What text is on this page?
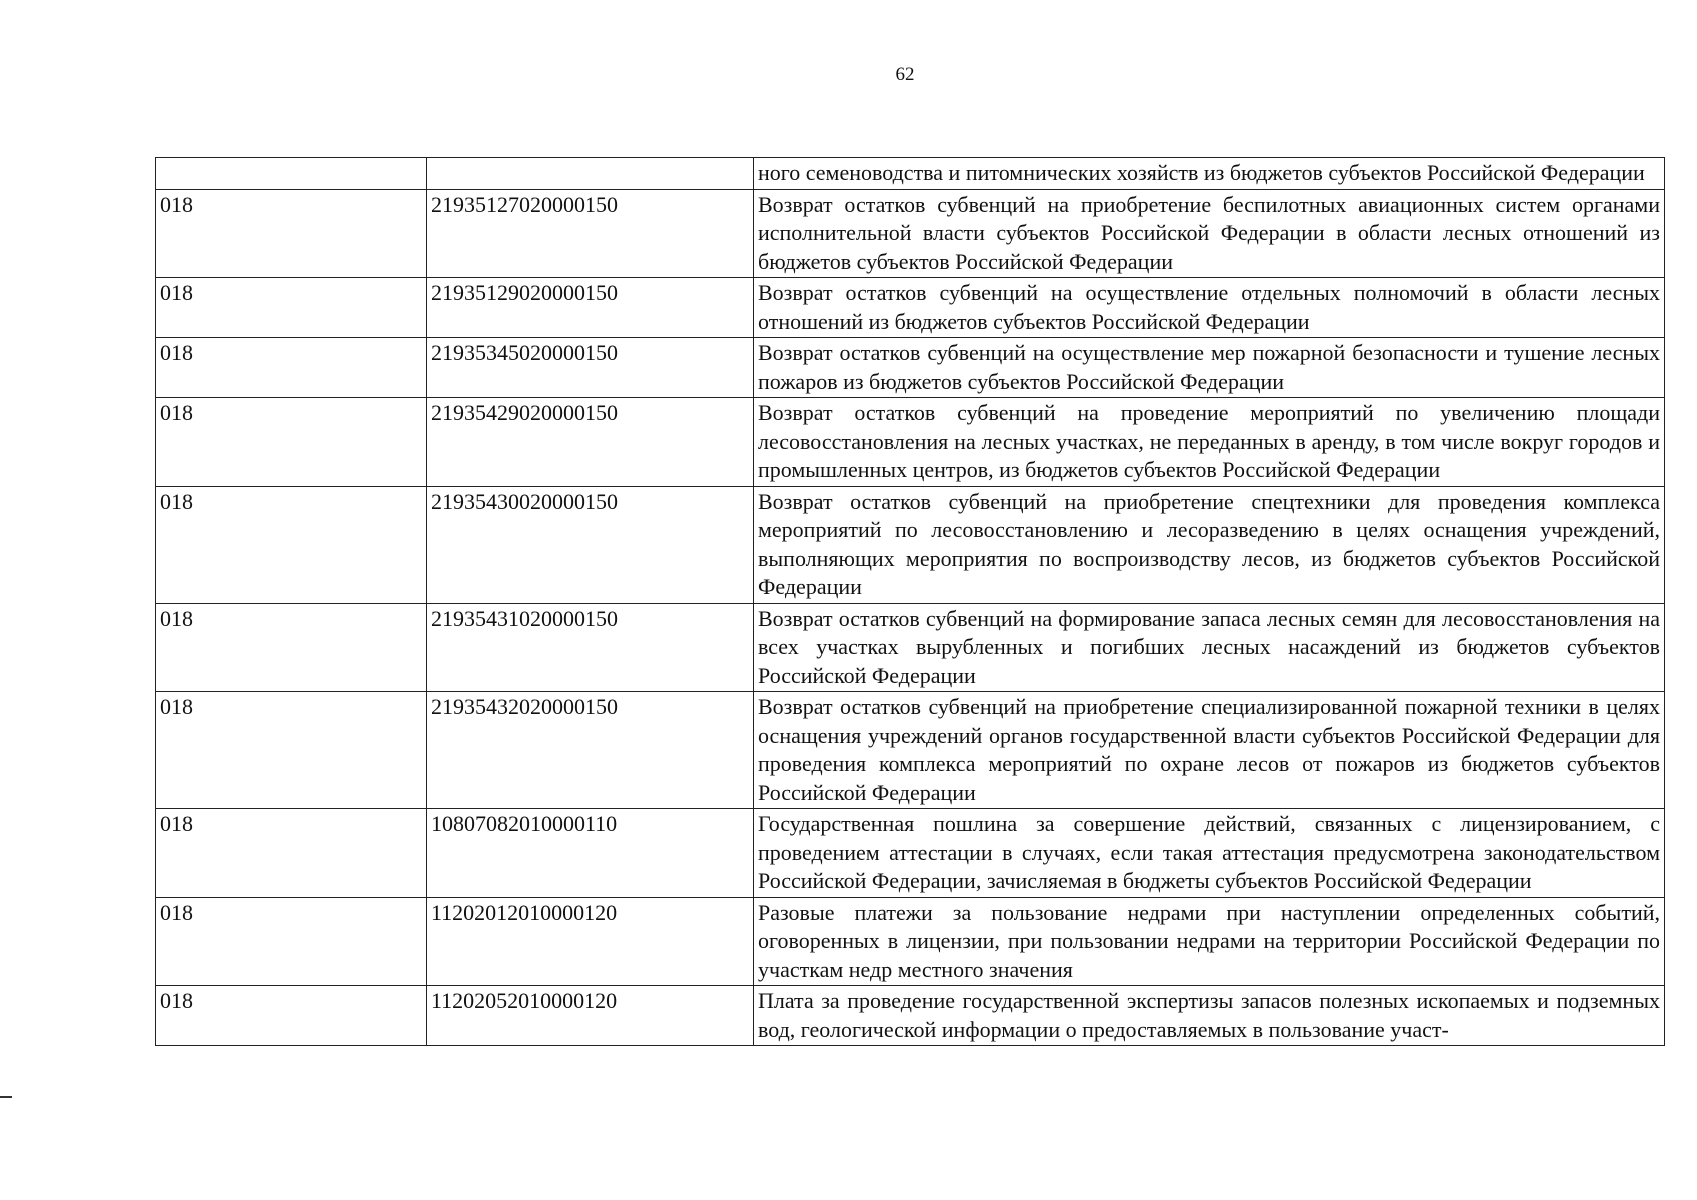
62
		ного семеноводства и питомнических хозяйств из бюджетов субъектов Российской Федерации
018	21935127020000150	Возврат остатков субвенций на приобретение беспилотных авиационных систем органами исполнительной власти субъектов Российской Федерации в области лесных отношений из бюджетов субъектов Российской Федерации
018	21935129020000150	Возврат остатков субвенций на осуществление отдельных полномочий в области лесных отношений из бюджетов субъектов Российской Федерации
018	21935345020000150	Возврат остатков субвенций на осуществление мер пожарной безопасности и тушение лесных пожаров из бюджетов субъектов Российской Федерации
018	21935429020000150	Возврат остатков субвенций на проведение мероприятий по увеличению площади лесовосстановления на лесных участках, не переданных в аренду, в том числе вокруг городов и промышленных центров, из бюджетов субъектов Российской Федерации
018	21935430020000150	Возврат остатков субвенций на приобретение спецтехники для проведения комплекса мероприятий по лесовосстановлению и лесоразведению в целях оснащения учреждений, выполняющих мероприятия по воспроизводству лесов, из бюджетов субъектов Российской Федерации
018	21935431020000150	Возврат остатков субвенций на формирование запаса лесных семян для лесовосстановления на всех участках вырубленных и погибших лесных насаждений из бюджетов субъектов Российской Федерации
018	21935432020000150	Возврат остатков субвенций на приобретение специализированной пожарной техники в целях оснащения учреждений органов государственной власти субъектов Российской Федерации для проведения комплекса мероприятий по охране лесов от пожаров из бюджетов субъектов Российской Федерации
018	10807082010000110	Государственная пошлина за совершение действий, связанных с лицензированием, с проведением аттестации в случаях, если такая аттестация предусмотрена законодательством Российской Федерации, зачисляемая в бюджеты субъектов Российской Федерации
018	11202012010000120	Разовые платежи за пользование недрами при наступлении определенных событий, оговоренных в лицензии, при пользовании недрами на территории Российской Федерации по участкам недр местного значения
018	11202052010000120	Плата за проведение государственной экспертизы запасов полезных ископаемых и подземных вод, геологической информации о предоставляемых в пользование участ-
